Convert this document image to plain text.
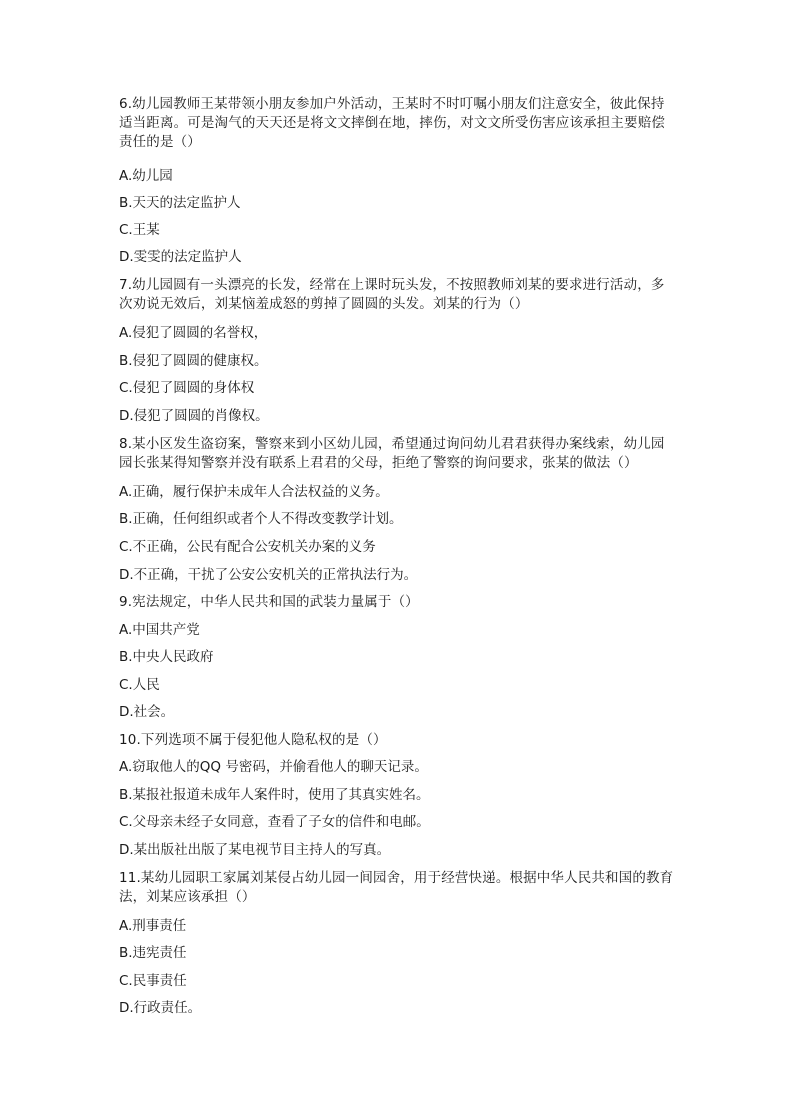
6.幼儿园教师王某带领小朋友参加户外活动，王某时不时叮嘱小朋友们注意安全，彼此保持适当距离。可是淘气的天天还是将文文摔倒在地，摔伤，对文文所受伤害应该承担主要赔偿责任的是（）

A.幼儿园
B.天天的法定监护人
C.王某
D.雯雯的法定监护人

7.幼儿园圆有一头漂亮的长发，经常在上课时玩头发，不按照教师刘某的要求进行活动，多次劝说无效后，刘某恼羞成怒的剪掉了圆圆的头发。刘某的行为（）

A.侵犯了圆圆的名誉权，
B.侵犯了圆圆的健康权。
C.侵犯了圆圆的身体权
D.侵犯了圆圆的肖像权。

8.某小区发生盗窃案，警察来到小区幼儿园，希望通过询问幼儿君君获得办案线索，幼儿园园长张某得知警察并没有联系上君君的父母，拒绝了警察的询问要求，张某的做法（）

A.正确，履行保护未成年人合法权益的义务。
B.正确，任何组织或者个人不得改变教学计划。
C.不正确，公民有配合公安机关办案的义务
D.不正确，干扰了公安公安机关的正常执法行为。

9.宪法规定，中华人民共和国的武装力量属于（）

A.中国共产党
B.中央人民政府
C.人民
D.社会。

10.下列选项不属于侵犯他人隐私权的是（）

A.窃取他人的QQ 号密码，并偷看他人的聊天记录。
B.某报社报道未成年人案件时，使用了其真实姓名。
C.父母亲未经子女同意，查看了子女的信件和电邮。
D.某出版社出版了某电视节目主持人的写真。

11.某幼儿园职工家属刘某侵占幼儿园一间园舍，用于经营快递。根据中华人民共和国的教育法，刘某应该承担（）

A.刑事责任
B.违宪责任
C.民事责任
D.行政责任。
